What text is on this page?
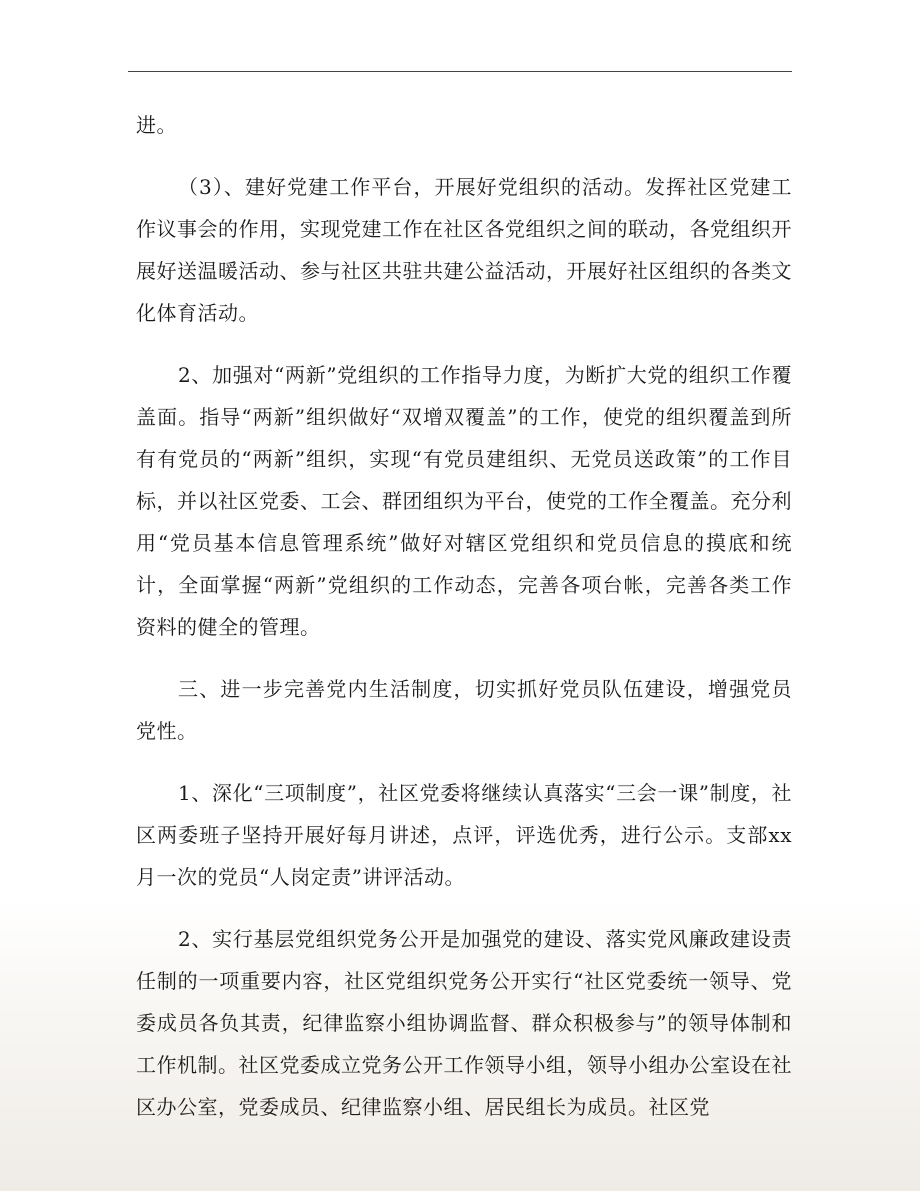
进。

（3）、建好党建工作平台，开展好党组织的活动。发挥社区党建工作议事会的作用，实现党建工作在社区各党组织之间的联动，各党组织开展好送温暖活动、参与社区共驻共建公益活动，开展好社区组织的各类文化体育活动。

2、加强对“两新”党组织的工作指导力度，为断扩大党的组织工作覆盖面。指导“两新”组织做好“双增双覆盖”的工作，使党的组织覆盖到所有有党员的“两新”组织，实现“有党员建组织、无党员送政策”的工作目标，并以社区党委、工会、群团组织为平台，使党的工作全覆盖。充分利用“党员基本信息管理系统”做好对辖区党组织和党员信息的摸底和统计，全面掌握“两新”党组织的工作动态，完善各项台帐，完善各类工作资料的健全的管理。

三、进一步完善党内生活制度，切实抓好党员队伍建设，增强党员党性。

1、深化“三项制度”，社区党委将继续认真落实“三会一课”制度，社区两委班子坚持开展好每月讲述，点评，评选优秀，进行公示。支部xx月一次的党员“人岗定责”讲评活动。

2、实行基层党组织党务公开是加强党的建设、落实党风廉政建设责任制的一项重要内容，社区党组织党务公开实行“社区党委统一领导、党委成员各负其责，纪律监察小组协调监督、群众积极参与”的领导体制和工作机制。社区党委成立党务公开工作领导小组，领导小组办公室设在社区办公室，党委成员、纪律监察小组、居民组长为成员。社区党
